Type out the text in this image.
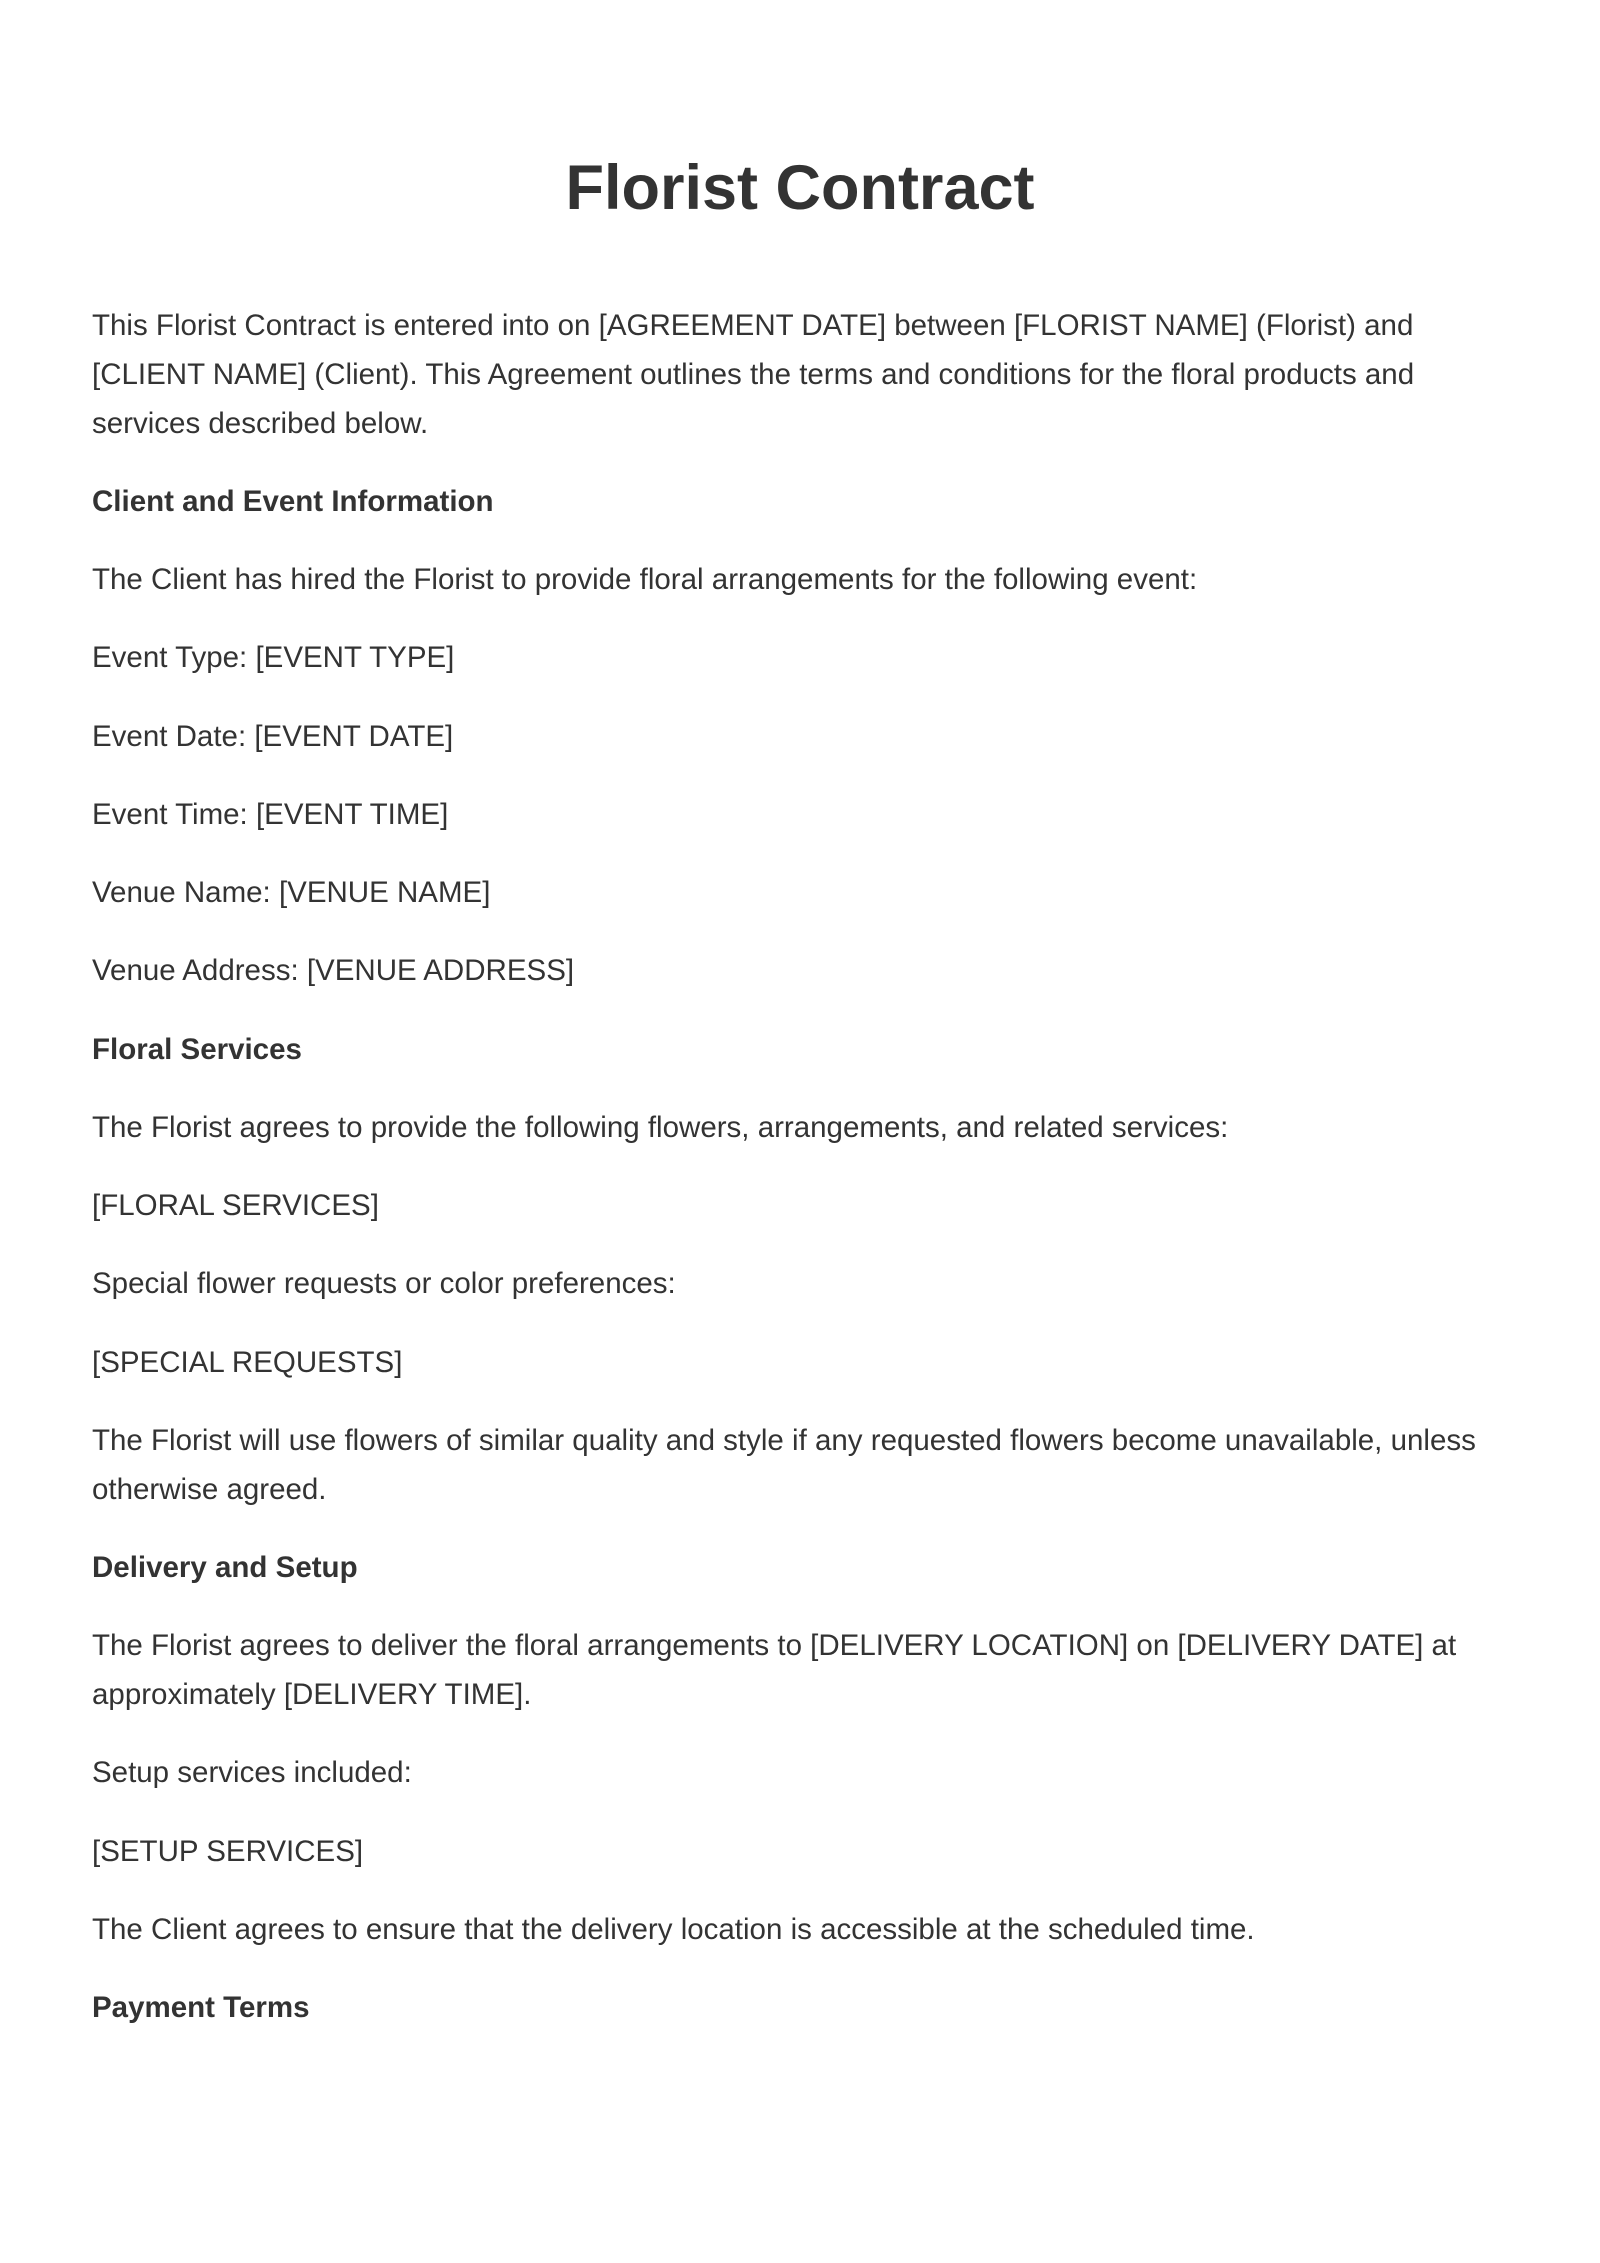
Florist Contract

This Florist Contract is entered into on [AGREEMENT DATE] between [FLORIST NAME] (Florist) and

[CLIENT NAME] (Client). This Agreement outlines the terms and conditions for the floral products and

services described below.

Client and Event Information

The Client has hired the Florist to provide floral arrangements for the following event:

Event Type: [EVENT TYPE]

Event Date: [EVENT DATE]

Event Time: [EVENT TIME]

Venue Name: [VENUE NAME]

Venue Address: [VENUE ADDRESS]

Floral Services

The Florist agrees to provide the following flowers, arrangements, and related services:

[FLORAL SERVICES]

Special flower requests or color preferences:

[SPECIAL REQUESTS]

The Florist will use flowers of similar quality and style if any requested flowers become unavailable, unless

otherwise agreed.

Delivery and Setup

The Florist agrees to deliver the floral arrangements to [DELIVERY LOCATION] on [DELIVERY DATE] at

approximately [DELIVERY TIME].

Setup services included:

[SETUP SERVICES]

The Client agrees to ensure that the delivery location is accessible at the scheduled time.

Payment Terms
